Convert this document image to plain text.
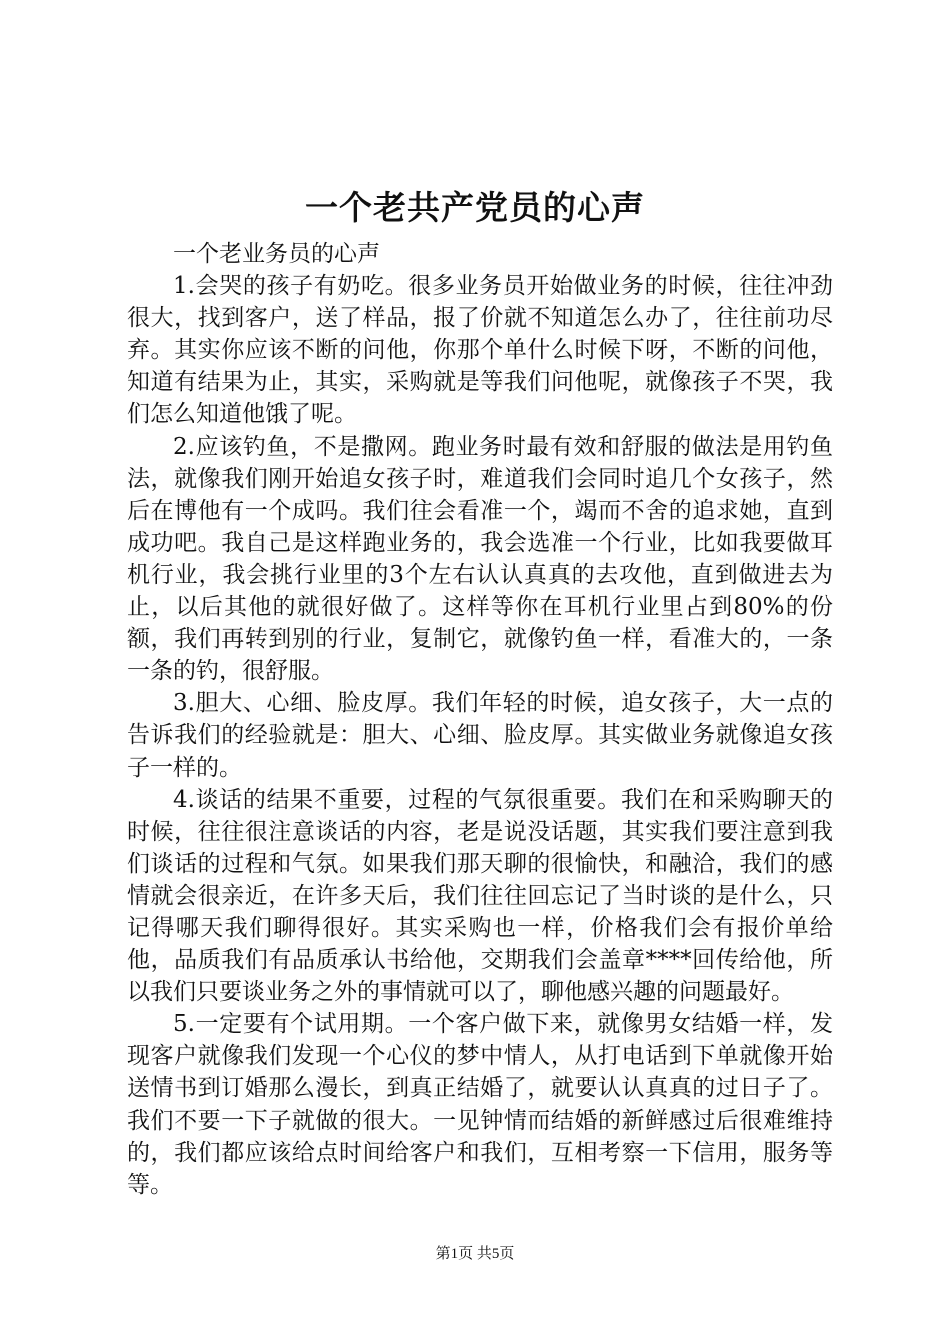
一个老共产党员的心声

一个老业务员的心声

1.会哭的孩子有奶吃。很多业务员开始做业务的时候，往往冲劲很大，找到客户，送了样品，报了价就不知道怎么办了，往往前功尽弃。其实你应该不断的问他，你那个单什么时候下呀，不断的问他，知道有结果为止，其实，采购就是等我们问他呢，就像孩子不哭，我们怎么知道他饿了呢。

2.应该钓鱼，不是撒网。跑业务时最有效和舒服的做法是用钓鱼法，就像我们刚开始追女孩子时，难道我们会同时追几个女孩子，然后在博他有一个成吗。我们往会看准一个，竭而不舍的追求她，直到成功吧。我自己是这样跑业务的，我会选准一个行业，比如我要做耳机行业，我会挑行业里的3个左右认认真真的去攻他，直到做进去为止，以后其他的就很好做了。这样等你在耳机行业里占到80%的份额，我们再转到别的行业，复制它，就像钓鱼一样，看准大的，一条一条的钓，很舒服。

3.胆大、心细、脸皮厚。我们年轻的时候，追女孩子，大一点的告诉我们的经验就是：胆大、心细、脸皮厚。其实做业务就像追女孩子一样的。

4.谈话的结果不重要，过程的气氛很重要。我们在和采购聊天的时候，往往很注意谈话的内容，老是说没话题，其实我们要注意到我们谈话的过程和气氛。如果我们那天聊的很愉快，和融洽，我们的感情就会很亲近，在许多天后，我们往往回忘记了当时谈的是什么，只记得哪天我们聊得很好。其实采购也一样，价格我们会有报价单给他，品质我们有品质承认书给他，交期我们会盖章****回传给他，所以我们只要谈业务之外的事情就可以了，聊他感兴趣的问题最好。

5.一定要有个试用期。一个客户做下来，就像男女结婚一样，发现客户就像我们发现一个心仪的梦中情人，从打电话到下单就像开始送情书到订婚那么漫长，到真正结婚了，就要认认真真的过日子了。我们不要一下子就做的很大。一见钟情而结婚的新鲜感过后很难维持的，我们都应该给点时间给客户和我们，互相考察一下信用，服务等等。

第1页 共5页
